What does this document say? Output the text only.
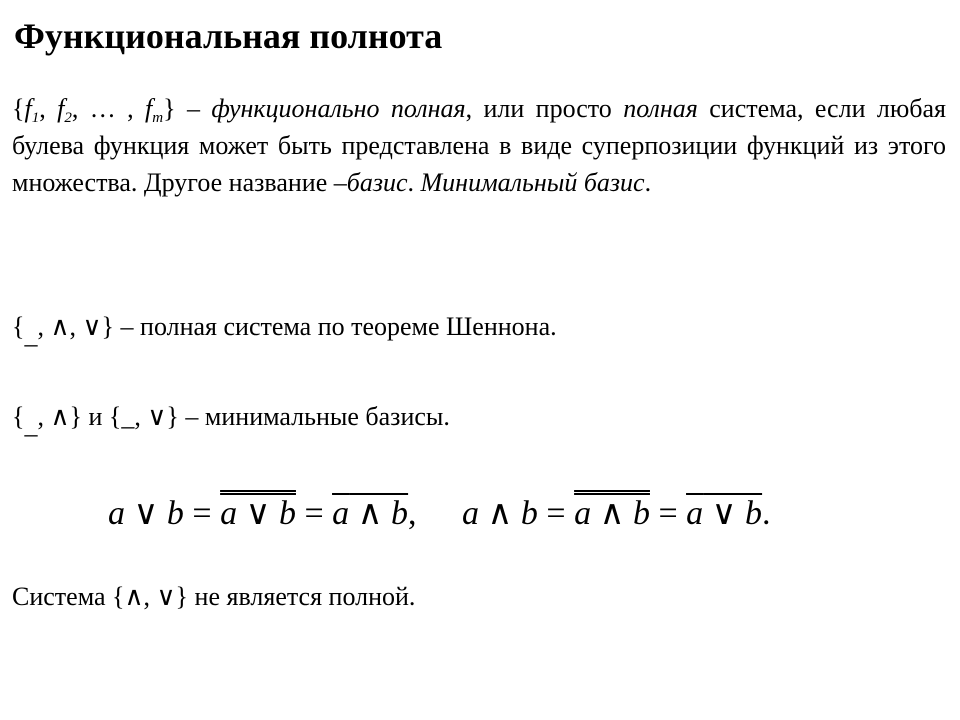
Функциональная полнота
{$f_1$, $f_2$, … , $f_m$} – функционально полная, или просто полная система, если любая булева функция может быть представлена в виде суперпозиции функций из этого множества. Другое название –базис. Минимальный базис.
{_, ∧, ∨} – полная система по теореме Шеннона.
{_, ∧} и {_, ∨} – минимальные базисы.
a ∨ b = a ∨ b = a ∧ b, a ∧ b = a ∧ b = a ∨ b.
Система {∧, ∨} не является полной.
